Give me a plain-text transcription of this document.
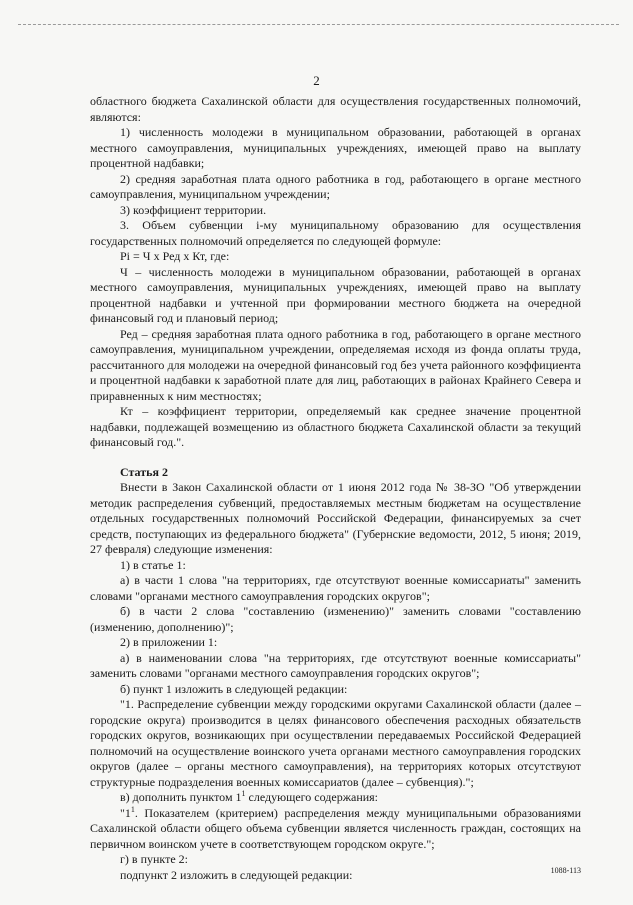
2

областного бюджета Сахалинской области для осуществления государственных полномочий, являются:

1) численность молодежи в муниципальном образовании, работающей в органах местного самоуправления, муниципальных учреждениях, имеющей право на выплату процентной надбавки;

2) средняя заработная плата одного работника в год, работающего в органе местного самоуправления, муниципальном учреждении;

3) коэффициент территории.

3. Объем субвенции i-му муниципальному образованию для осуществления государственных полномочий определяется по следующей формуле:

Pi = Ч x Ред x Кт, где:

Ч – численность молодежи в муниципальном образовании, работающей в органах местного самоуправления, муниципальных учреждениях, имеющей право на выплату процентной надбавки и учтенной при формировании местного бюджета на очередной финансовый год и плановый период;

Ред – средняя заработная плата одного работника в год, работающего в органе местного самоуправления, муниципальном учреждении, определяемая исходя из фонда оплаты труда, рассчитанного для молодежи на очередной финансовый год без учета районного коэффициента и процентной надбавки к заработной плате для лиц, работающих в районах Крайнего Севера и приравненных к ним местностях;

Кт – коэффициент территории, определяемый как среднее значение процентной надбавки, подлежащей возмещению из областного бюджета Сахалинской области за текущий финансовый год.".

Статья 2

Внести в Закон Сахалинской области от 1 июня 2012 года № 38-ЗО "Об утверждении методик распределения субвенций, предоставляемых местным бюджетам на осуществление отдельных государственных полномочий Российской Федерации, финансируемых за счет средств, поступающих из федерального бюджета" (Губернские ведомости, 2012, 5 июня; 2019, 27 февраля) следующие изменения:

1) в статье 1:

а) в части 1 слова "на территориях, где отсутствуют военные комиссариаты" заменить словами "органами местного самоуправления городских округов";

б) в части 2 слова "составлению (изменению)" заменить словами "составлению (изменению, дополнению)";

2) в приложении 1:

а) в наименовании слова "на территориях, где отсутствуют военные комиссариаты" заменить словами "органами местного самоуправления городских округов";

б) пункт 1 изложить в следующей редакции:

"1. Распределение субвенции между городскими округами Сахалинской области (далее – городские округа) производится в целях финансового обеспечения расходных обязательств городских округов, возникающих при осуществлении передаваемых Российской Федерацией полномочий на осуществление воинского учета органами местного самоуправления городских округов (далее – органы местного самоуправления), на территориях которых отсутствуют структурные подразделения военных комиссариатов (далее – субвенция).";

в) дополнить пунктом $1^1$ следующего содержания:

"$1^1$. Показателем (критерием) распределения между муниципальными образованиями Сахалинской области общего объема субвенции является численность граждан, состоящих на первичном воинском учете в соответствующем городском округе.";

г) в пункте 2:

подпункт 2 изложить в следующей редакции:	1088-113
